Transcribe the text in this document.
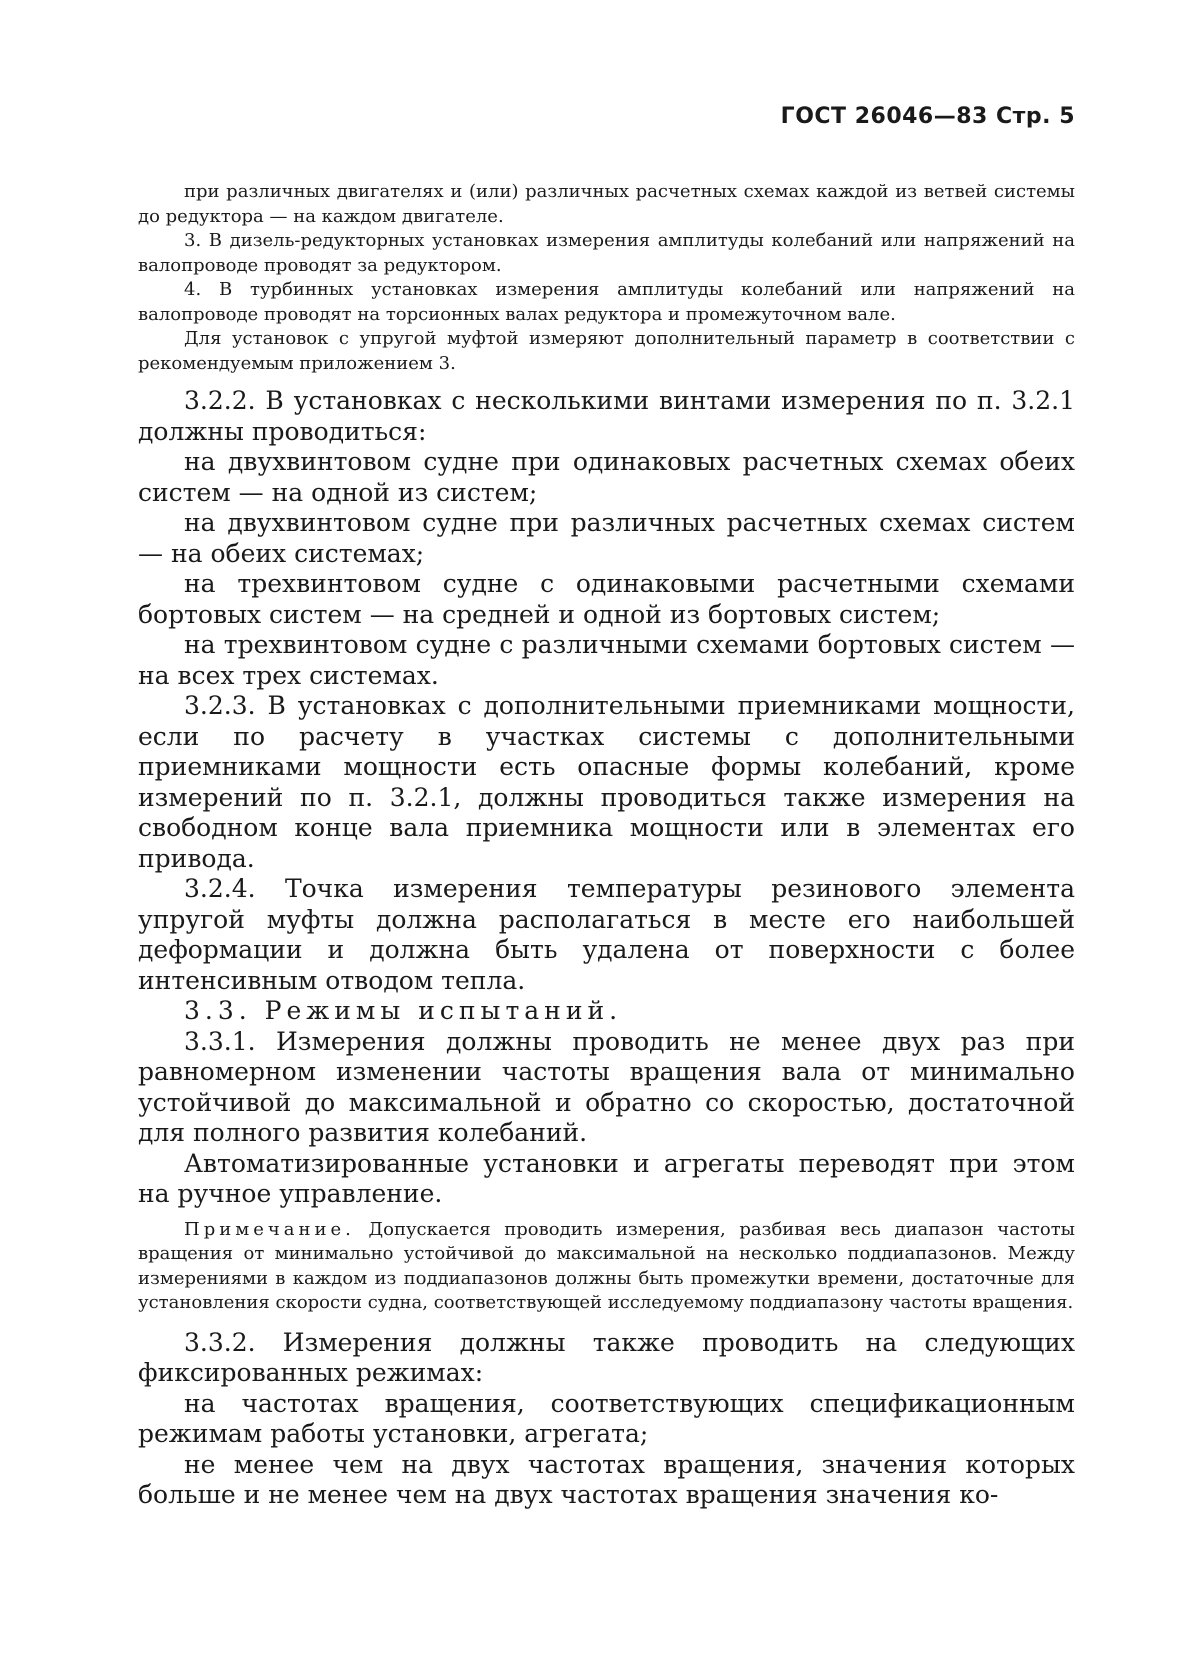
ГОСТ 26046—83 Стр. 5

при различных двигателях и (или) различных расчетных схемах каждой из ветвей системы до редуктора — на каждом двигателе.

3. В дизель-редукторных установках измерения амплитуды колебаний или напряжений на валопроводе проводят за редуктором.

4. В турбинных установках измерения амплитуды колебаний или напряжений на валопроводе проводят на торсионных валах редуктора и промежуточном вале.

Для установок с упругой муфтой измеряют дополнительный параметр в соответствии с рекомендуемым приложением 3.

3.2.2. В установках с несколькими винтами измерения по п. 3.2.1 должны проводиться:

на двухвинтовом судне при одинаковых расчетных схемах обеих систем — на одной из систем;

на двухвинтовом судне при различных расчетных схемах систем — на обеих системах;

на трехвинтовом судне с одинаковыми расчетными схемами бортовых систем — на средней и одной из бортовых систем;

на трехвинтовом судне с различными схемами бортовых систем — на всех трех системах.

3.2.3. В установках с дополнительными приемниками мощности, если по расчету в участках системы с дополнительными приемниками мощности есть опасные формы колебаний, кроме измерений по п. 3.2.1, должны проводиться также измерения на свободном конце вала приемника мощности или в элементах его привода.

3.2.4. Точка измерения температуры резинового элемента упругой муфты должна располагаться в месте его наибольшей деформации и должна быть удалена от поверхности с более интенсивным отводом тепла.

3.3. Режимы испытаний.

3.3.1. Измерения должны проводить не менее двух раз при равномерном изменении частоты вращения вала от минимально устойчивой до максимальной и обратно со скоростью, достаточной для полного развития колебаний.

Автоматизированные установки и агрегаты переводят при этом на ручное управление.

Примечание. Допускается проводить измерения, разбивая весь диапазон частоты вращения от минимально устойчивой до максимальной на несколько поддиапазонов. Между измерениями в каждом из поддиапазонов должны быть промежутки времени, достаточные для установления скорости судна, соответствующей исследуемому поддиапазону частоты вращения.

3.3.2. Измерения должны также проводить на следующих фиксированных режимах:

на частотах вращения, соответствующих спецификационным режимам работы установки, агрегата;

не менее чем на двух частотах вращения, значения которых больше и не менее чем на двух частотах вращения значения ко-
